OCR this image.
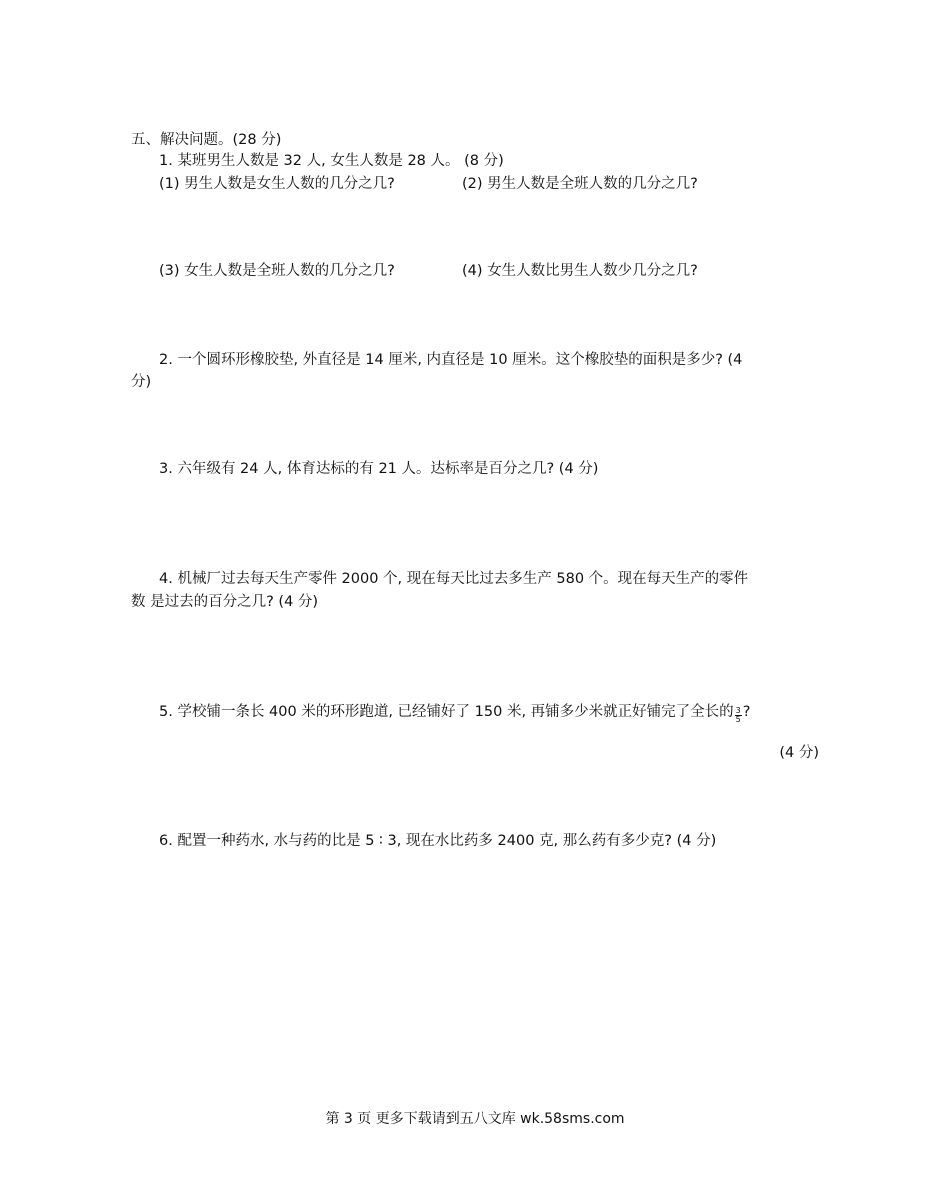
五、解决问题。(28 分)
1. 某班男生人数是 32 人, 女生人数是 28 人。 (8 分)
(1) 男生人数是女生人数的几分之几?	(2) 男生人数是全班人数的几分之几?
(3) 女生人数是全班人数的几分之几?	(4) 女生人数比男生人数少几分之几?
2. 一个圆环形橡胶垫, 外直径是 14 厘米, 内直径是 10 厘米。这个橡胶垫的面积是多少? (4
分)
3. 六年级有 24 人, 体育达标的有 21 人。达标率是百分之几? (4 分)
4. 机械厂过去每天生产零件 2000 个, 现在每天比过去多生产 580 个。现在每天生产的零件
数 是过去的百分之几? (4 分)
5. 学校铺一条长 400 米的环形跑道, 已经铺好了 150 米, 再铺多少米就正好铺完了全长的 $\frac{3}{5}$ ?
(4 分)
6. 配置一种药水, 水与药的比是 5 ∶ 3, 现在水比药多 2400 克, 那么药有多少克? (4 分)
第 3 页 更多下载请到五八文库 wk.58sms.com
